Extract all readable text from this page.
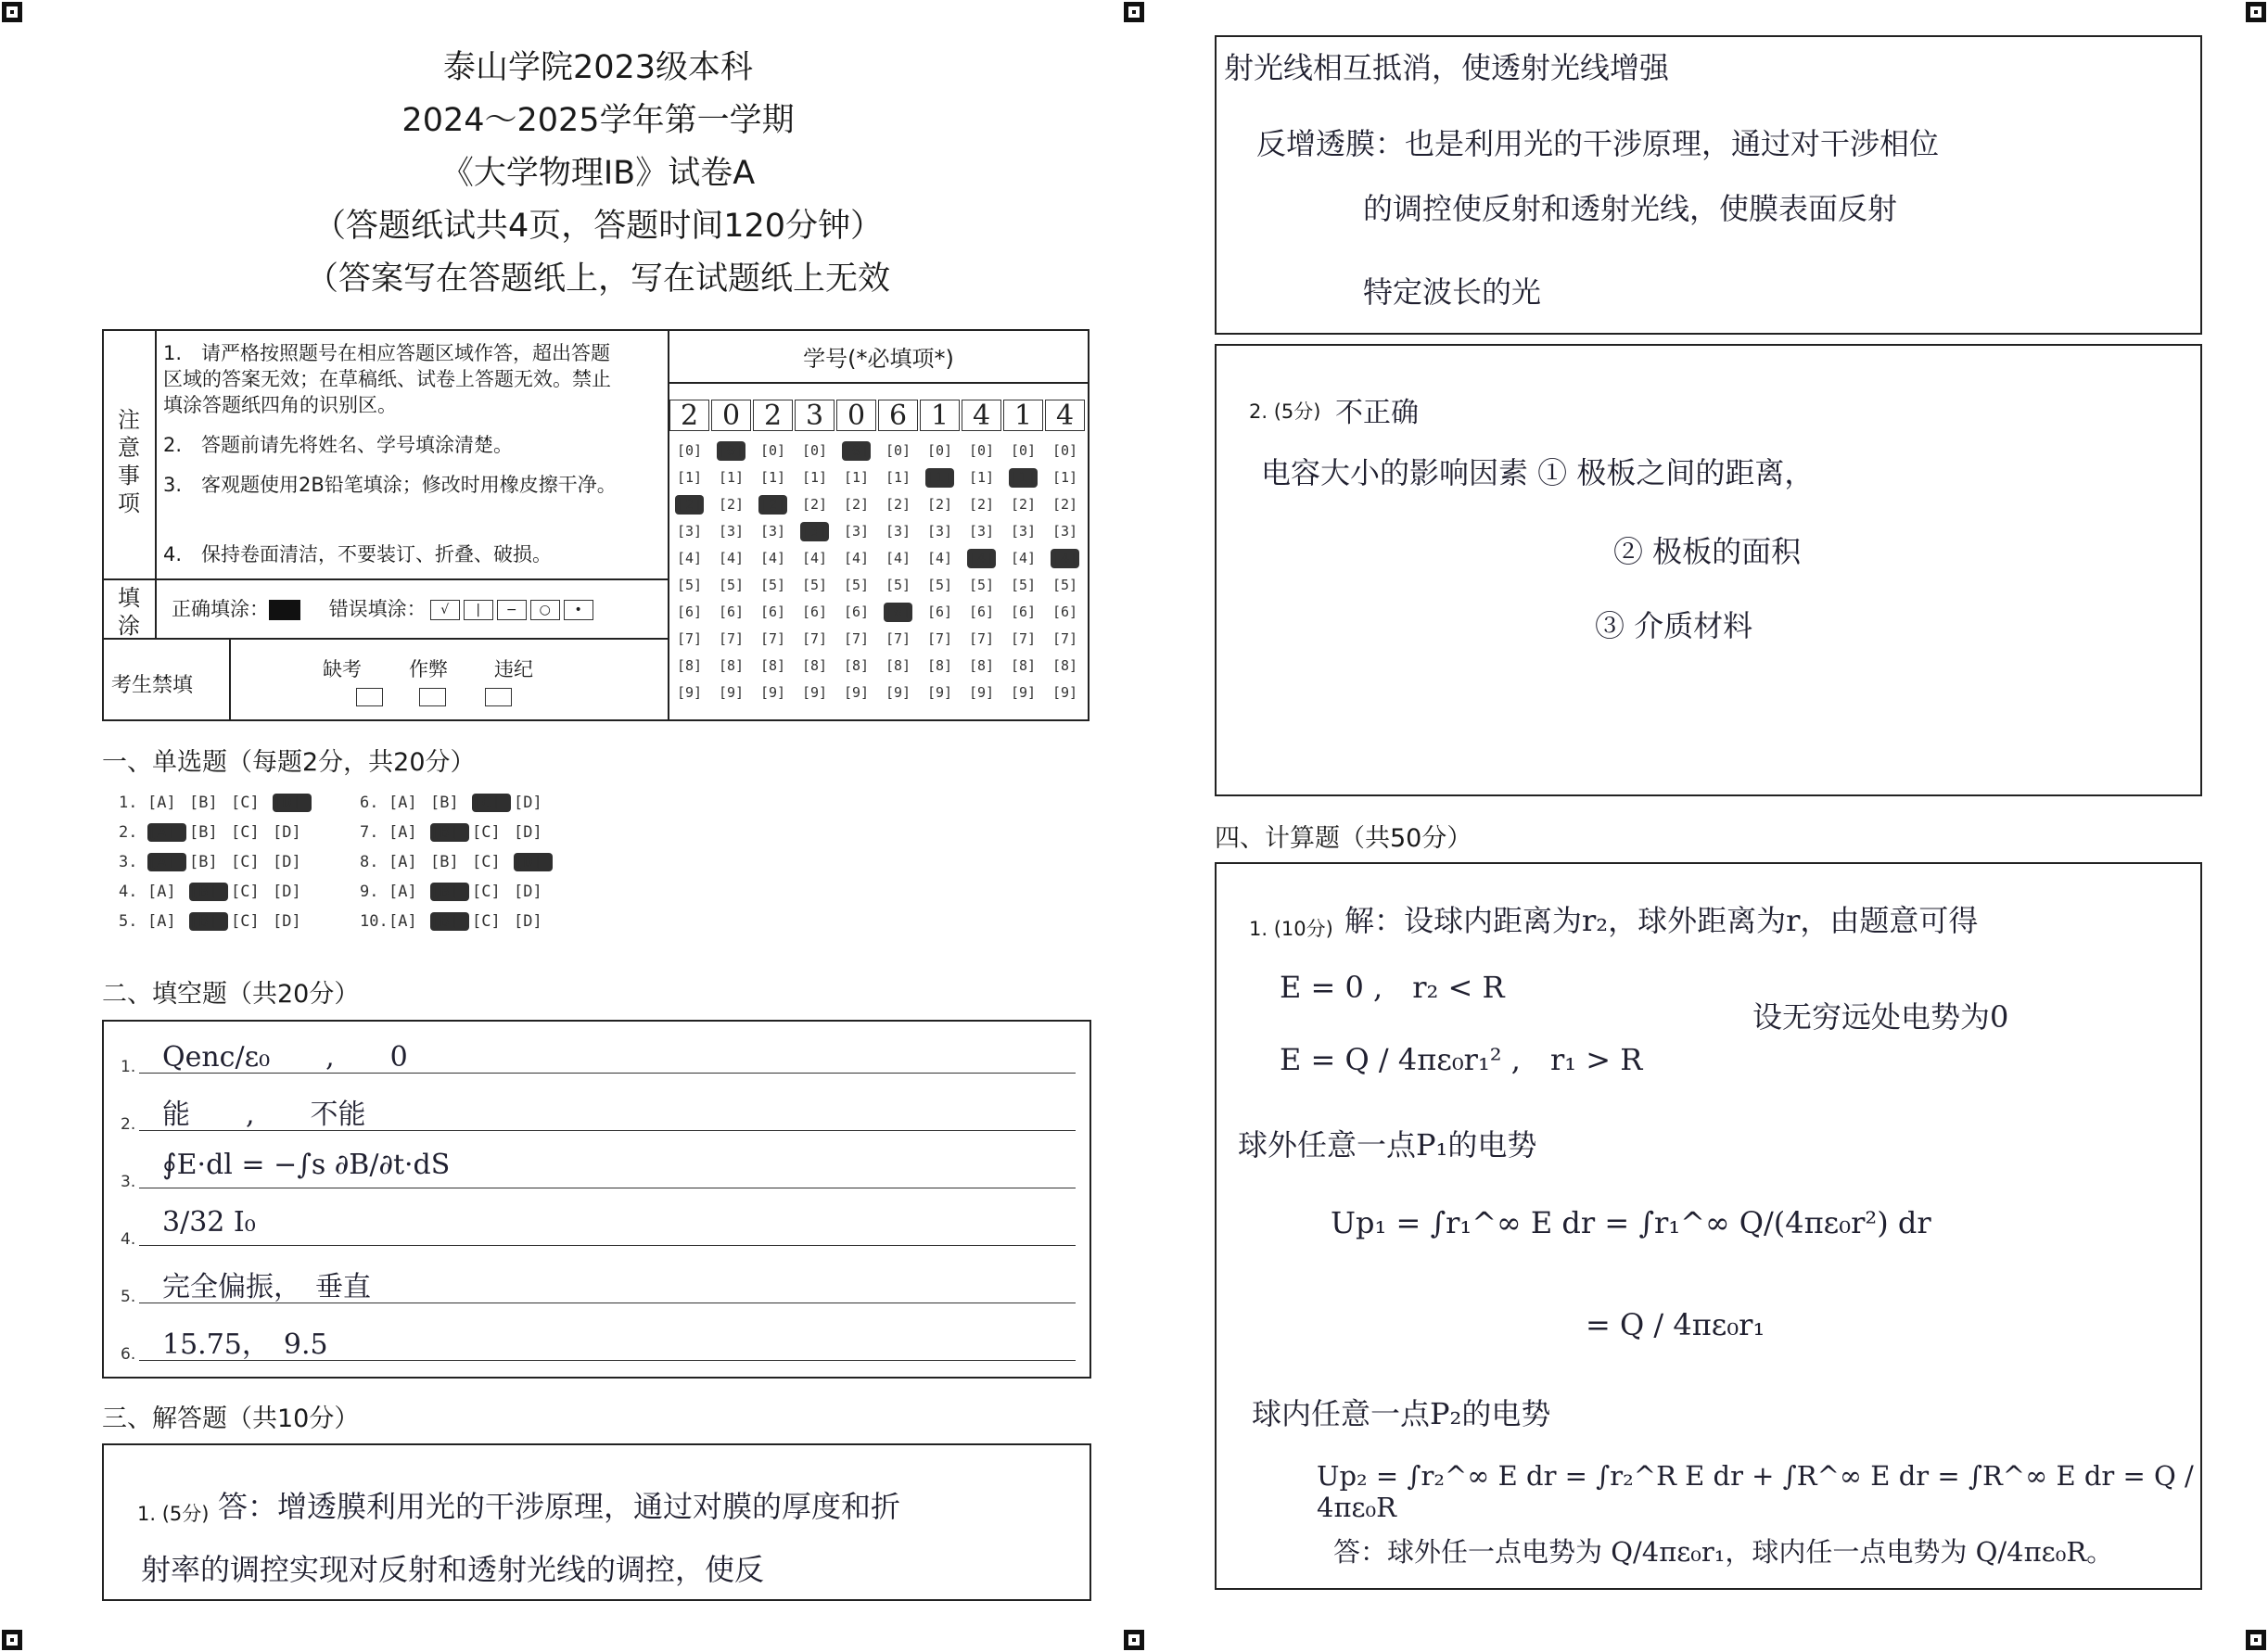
泰山学院2023级本科
2024～2025学年第一学期
《大学物理IB》试卷A
（答题纸试共4页，答题时间120分钟）
（答案写在答题纸上，写在试题纸上无效
注意事项
1.　请严格按照题号在相应答题区域作答，超出答题区域的答案无效；在草稿纸、试卷上答题无效。禁止填涂答题纸四角的识别区。
2.　答题前请先将姓名、学号填涂清楚。
3.　客观题使用2B铅笔填涂；修改时用橡皮擦干净。
4.　保持卷面清洁，不要装订、折叠、破损。
填涂
正确填涂：	错误填涂： √ | − ○ •
考生禁填
缺考 作弊 违纪
学号(*必填项*)
2 0 2 3 0 6 1 4 1 4
[0]
[1]
[2]
[3]
[4]
[5]
[6]
[7]
[8]
[9]
[0]
[1]
[2]
[3]
[4]
[5]
[6]
[7]
[8]
[9]
[0]
[1]
[2]
[3]
[4]
[5]
[6]
[7]
[8]
[9]
[0]
[1]
[2]
[3]
[4]
[5]
[6]
[7]
[8]
[9]
[0]
[1]
[2]
[3]
[4]
[5]
[6]
[7]
[8]
[9]
[0]
[1]
[2]
[3]
[4]
[5]
[6]
[7]
[8]
[9]
[0]
[1]
[2]
[3]
[4]
[5]
[6]
[7]
[8]
[9]
[0]
[1]
[2]
[3]
[4]
[5]
[6]
[7]
[8]
[9]
[0]
[1]
[2]
[3]
[4]
[5]
[6]
[7]
[8]
[9]
[0]
[1]
[2]
[3]
[4]
[5]
[6]
[7]
[8]
[9]
一、单选题（每题2分，共20分）
1. [A] [B] [C] [D]
2. [A] [B] [C] [D]
3. [A] [B] [C] [D]
4. [A] [B] [C] [D]
5. [A] [B] [C] [D]
6. [A] [B] [C] [D]
7. [A] [B] [C] [D]
8. [A] [B] [C] [D]
9. [A] [B] [C] [D]
10.[A] [B] [C] [D]
二、填空题（共20分）
1. Qenc/ε₀　　,　　0
2. 能　　,　　不能
3.
∮E·dl = −∫s ∂B/∂t·dS
4.
3/32 I₀
5. 完全偏振，　垂直
6. 15.75，　9.5
三、解答题（共10分）
1. (5分) 答：增透膜利用光的干涉原理，通过对膜的厚度和折
射率的调控实现对反射和透射光线的调控，使反
射光线相互抵消，使透射光线增强
反增透膜：也是利用光的干涉原理，通过对干涉相位
的调控使反射和透射光线，使膜表面反射
特定波长的光
2. (5分) 不正确
电容大小的影响因素 ① 极板之间的距离，
② 极板的面积
③ 介质材料
四、计算题（共50分）
1. (10分) 解：设球内距离为r₂，球外距离为r，由题意可得
E = 0 ,　r₂ < R
E = Q / 4πε₀r₁² ,　r₁ > R
设无穷远处电势为0
球外任意一点P₁的电势
Up₁ = ∫r₁^∞ E dr = ∫r₁^∞ Q/(4πε₀r²) dr
= Q / 4πε₀r₁
球内任意一点P₂的电势
Up₂ = ∫r₂^∞ E dr = ∫r₂^R E dr + ∫R^∞ E dr = ∫R^∞ E dr = Q / 4πε₀R
答：球外任一点电势为 Q/4πε₀r₁，球内任一点电势为 Q/4πε₀R。
